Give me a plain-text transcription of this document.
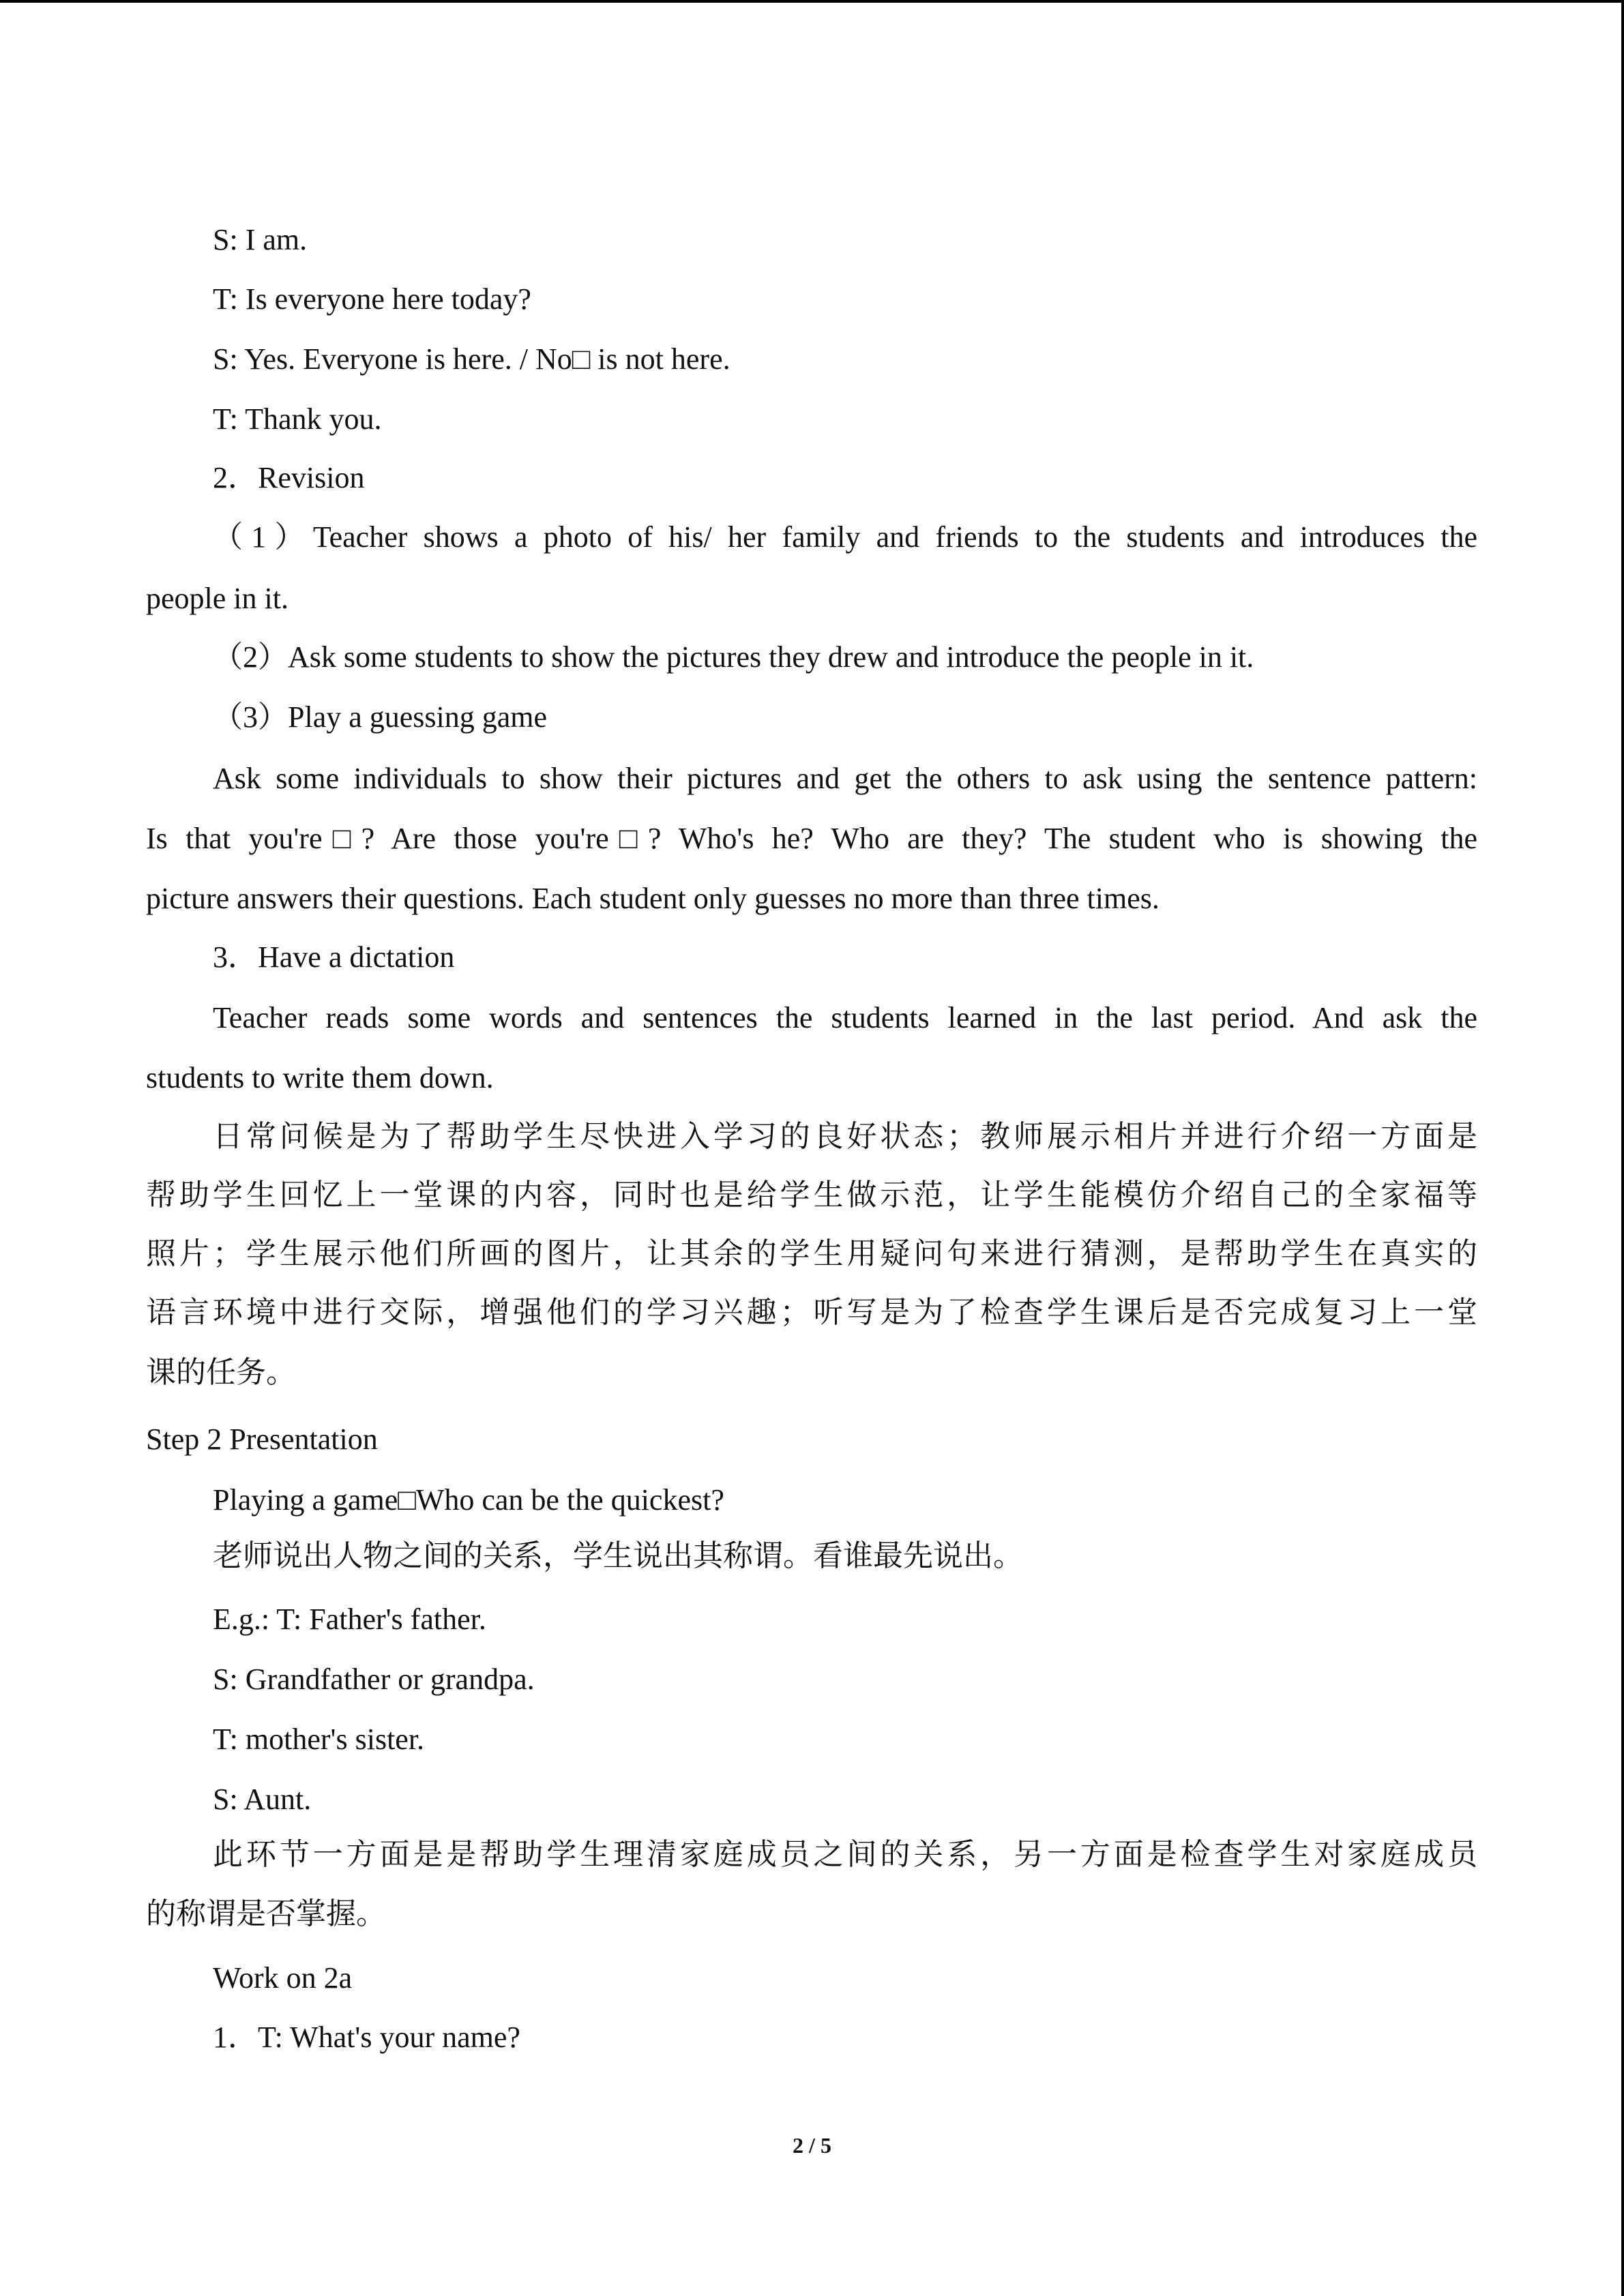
S: I am.
T: Is everyone here today?
S: Yes. Everyone is here. / No□ is not here.
T: Thank you.
2．Revision
（1）Teacher shows a photo of his/ her family and friends to the students and introduces the
people in it.
（2）Ask some students to show the pictures they drew and introduce the people in it.
（3）Play a guessing game
Ask some individuals to show their pictures and get the others to ask using the sentence pattern:
Is that you're□? Are those you're□? Who's he? Who are they? The student who is showing the
picture answers their questions. Each student only guesses no more than three times.
3．Have a dictation
Teacher reads some words and sentences the students learned in the last period. And ask the
students to write them down.
日常问候是为了帮助学生尽快进入学习的良好状态；教师展示相片并进行介绍一方面是
帮助学生回忆上一堂课的内容，同时也是给学生做示范，让学生能模仿介绍自己的全家福等
照片；学生展示他们所画的图片，让其余的学生用疑问句来进行猜测，是帮助学生在真实的
语言环境中进行交际，增强他们的学习兴趣；听写是为了检查学生课后是否完成复习上一堂
课的任务。
Step 2 Presentation
Playing a game□Who can be the quickest?
老师说出人物之间的关系，学生说出其称谓。看谁最先说出。
E.g.: T: Father's father.
S: Grandfather or grandpa.
T: mother's sister.
S: Aunt.
此环节一方面是是帮助学生理清家庭成员之间的关系，另一方面是检查学生对家庭成员
的称谓是否掌握。
Work on 2a
1．T: What's your name?
2 / 5
